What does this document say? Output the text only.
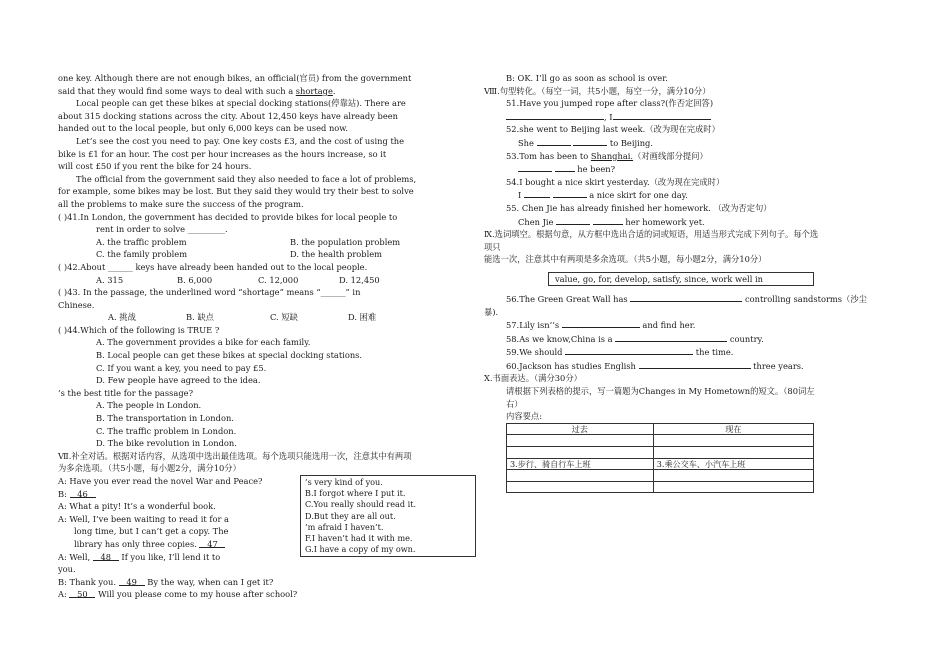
one key. Although there are not enough bikes, an official(官员) from the government

said that they would find some ways to deal with such a shortage.

Local people can get these bikes at special docking stations(停靠站). There are

about 315 docking stations across the city. About 12,450 keys have already been

handed out to the local people, but only 6,000 keys can be used now.

Let’s see the cost you need to pay. One key costs £3, and the cost of using the

bike is £1 for an hour. The cost per hour increases as the hours increase, so it

will cost £50 if you rent the bike for 24 hours.

The official from the government said they also needed to face a lot of problems,

for example, some bikes may be lost. But they said they would try their best to solve

all the problems to make sure the success of the program.

( )41.In London, the government has decided to provide bikes for local people to

rent in order to solve _________.

A. the traffic problem	B. the population problem
C. the family problem	D. the health problem

( )42.About ______ keys have already been handed out to the local people.

A. 315	B. 6,000	C. 12,000	D. 12,450

( )43. In the passage, the underlined word “shortage” means “______” in

Chinese.

A. 挑战	B. 缺点	C. 短缺	D. 困难

( )44.Which of the following is TRUE ?

A. The government provides a bike for each family.

B. Local people can get these bikes at special docking stations.

C. If you want a key, you need to pay £5.

D. Few people have agreed to the idea.

’s the best title for the passage?

A. The people in London.

B. The transportation in London.

C. The traffic problem in London.

D. The bike revolution in London.

Ⅶ.补全对话。根据对话内容，从选项中选出最佳选项。每个选项只能选用一次，注意其中有两项

为多余选项。（共5小题，每小题2分，满分10分）

A: Have you ever read the novel War and Peace?

B: 46

A: What a pity! It’s a wonderful book.

A: Well, I’ve been waiting to read it for a

long time, but I can’t get a copy. The

library has only three copies. 47

A: Well, 48 If you like, I’ll lend it to

you.

B: Thank you. 49 By the way, when can I get it?

A: 50 Will you please come to my house after school?

’s very kind of you.

B.I forgot where I put it.

C.You really should read it.

D.But they are all out.

’m afraid I haven’t.

F.I haven’t had it with me.

G.I have a copy of my own.

B: OK. I’ll go as soon as school is over.

Ⅷ.句型转化。（每空一词，共5小题，每空一分，满分10分）

51.Have you jumped rope after class?(作否定回答)

, I

52.she went to Beijing last week.（改为现在完成时）

She	to Beijing.

53.Tom has been to Shanghai.（对画线部分提问）

he been?

54.I bought a nice skirt yesterday.（改为现在完成时）

I	a nice skirt for one day.

55. Chen Jie has already finished her homework. （改为否定句）

Chen Jie	her homework yet.

Ⅸ.选词填空。根据句意，从方框中选出合适的词或短语，用适当形式完成下列句子。每个选项只

能选一次，注意其中有两项是多余选项。（共5小题，每小题2分，满分10分）

value, go, for, develop, satisfy, since, work well in

56.The Green Great Wall has	controlling sandstorms（沙尘

暴).

57.Lily isn’’s	and find her.

58.As we know,China is a	country.

59.We should	the time.

60.Jackson has studies English	three years.

Ⅹ.书面表达。（满分30分）

请根据下列表格的提示，写一篇题为Changes in My Hometown的短文。（80词左右）

内容要点:

过去	现在

3.步行、骑自行车上班	3.乘公交车、小汽车上班
